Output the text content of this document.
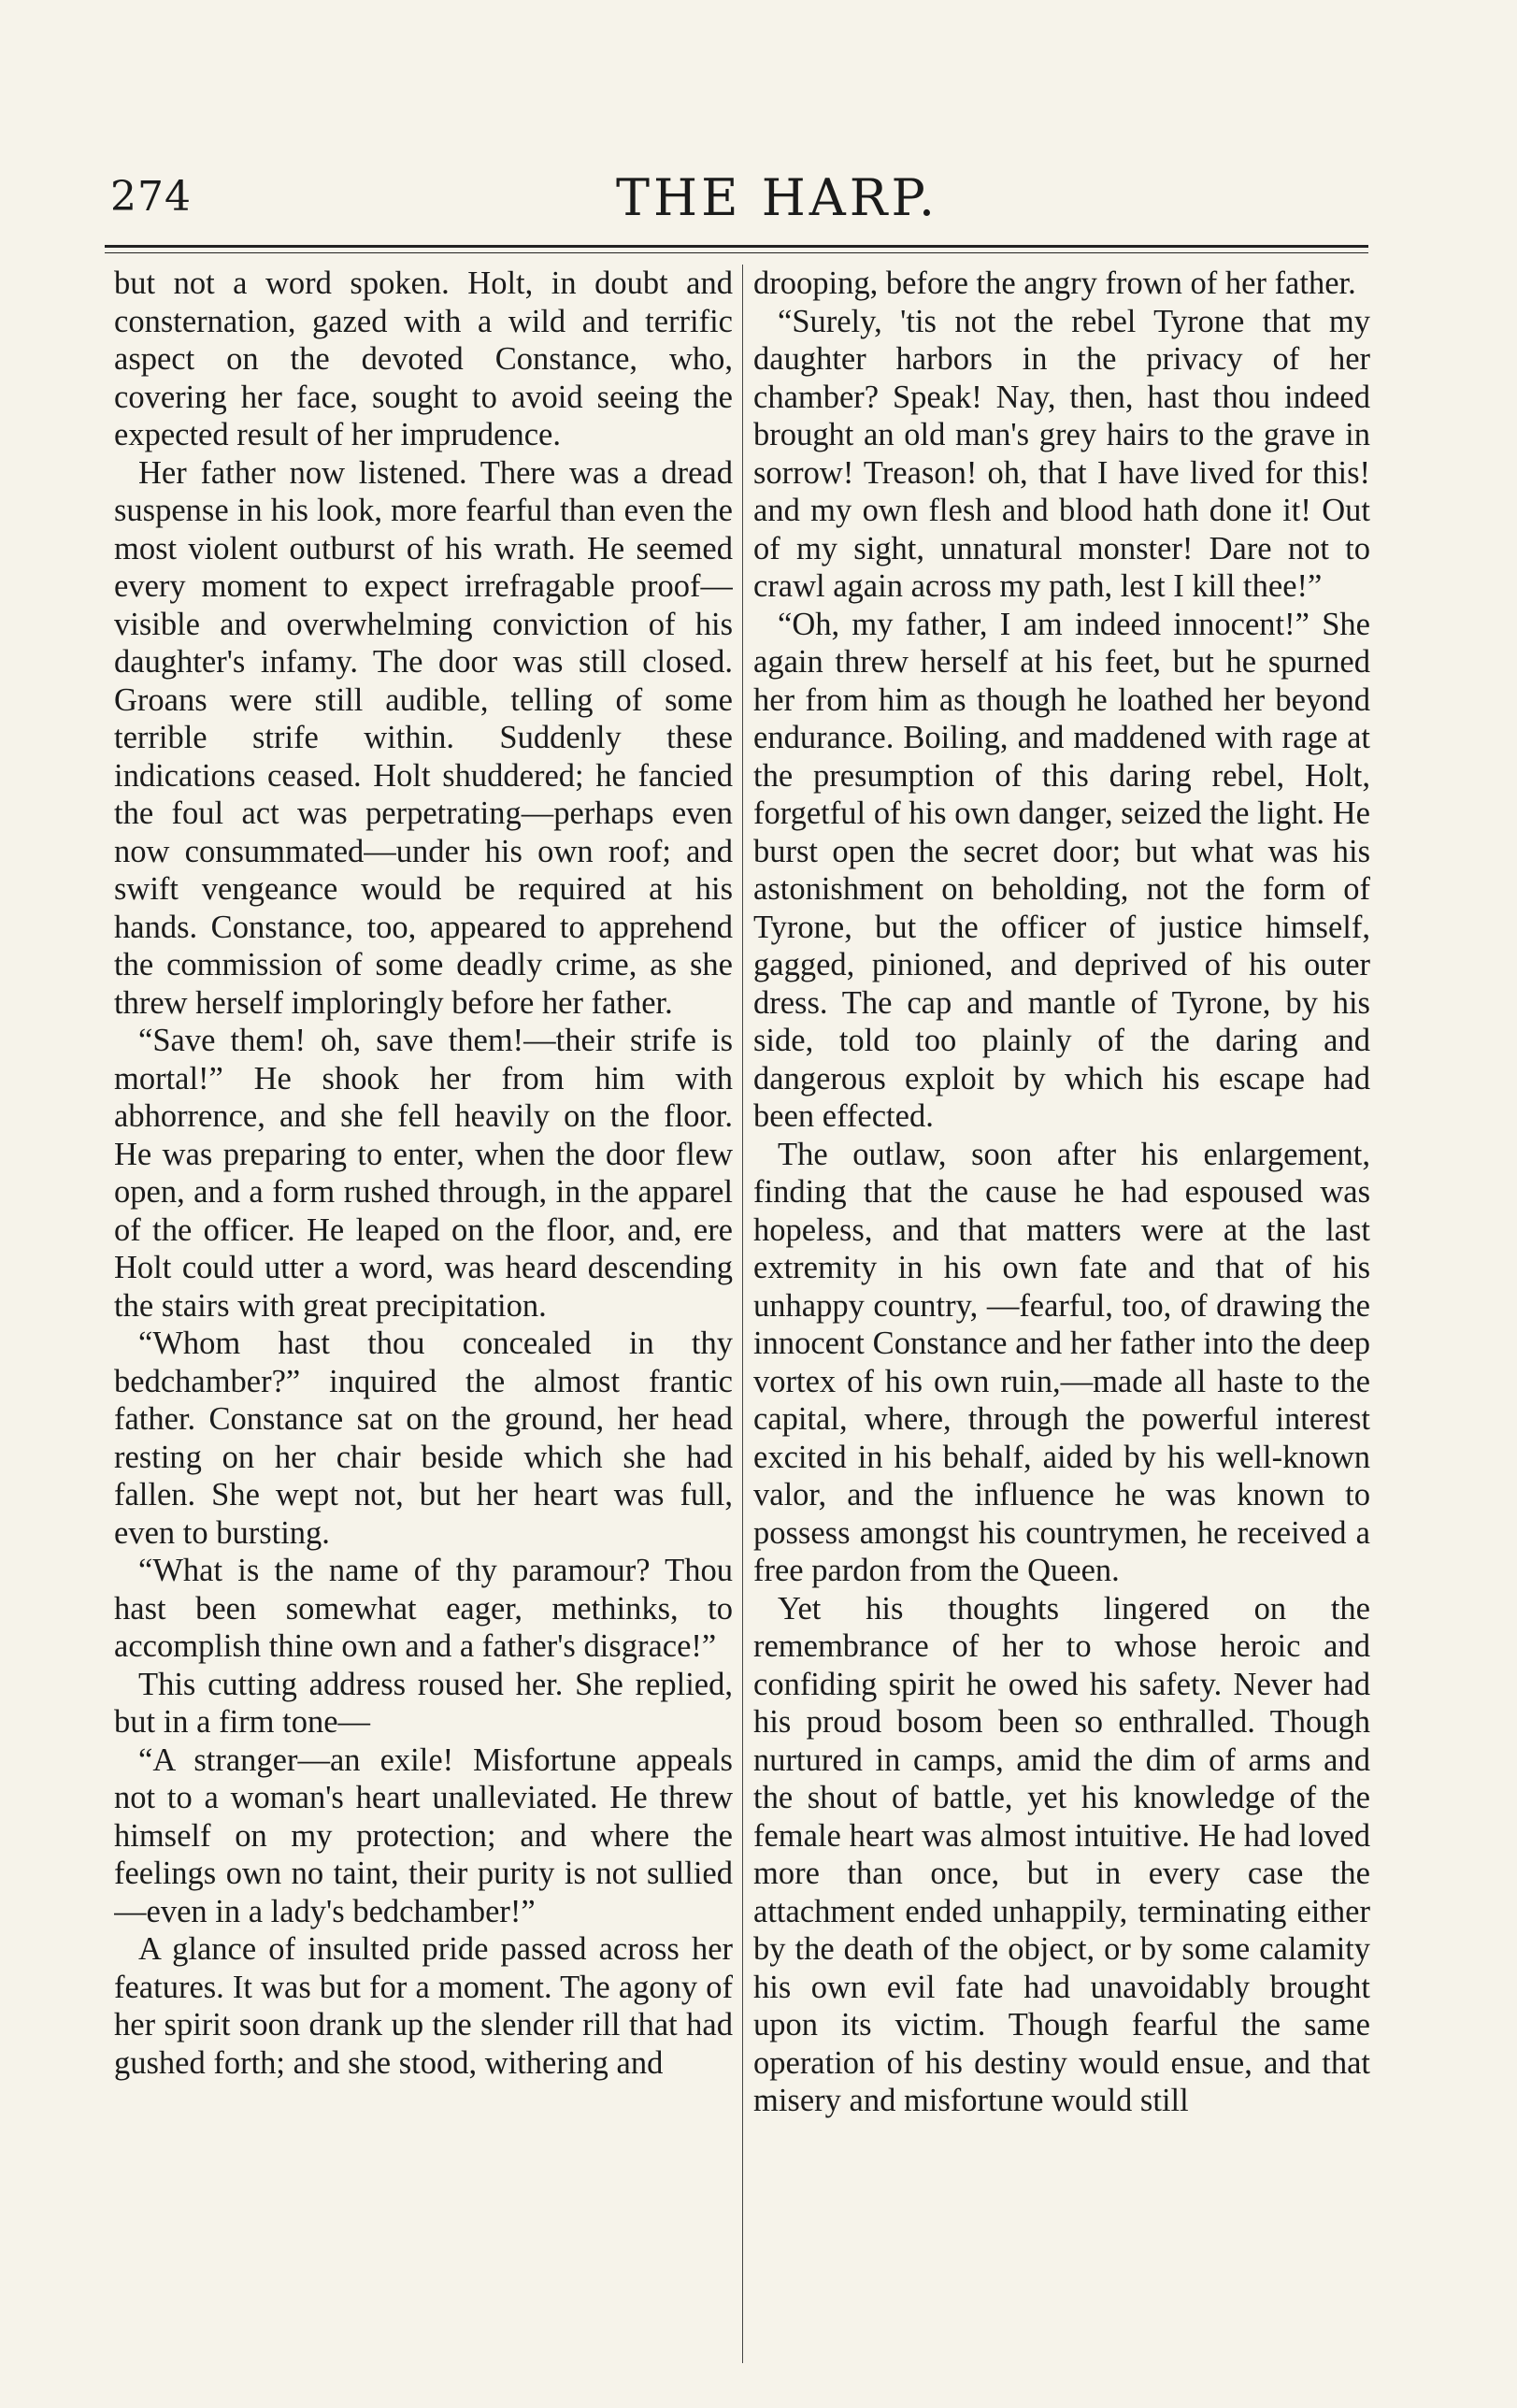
274	THE HARP.

but not a word spoken. Holt, in doubt and consternation, gazed with a wild and terrific aspect on the devoted Constance, who, covering her face, sought to avoid seeing the expected result of her imprudence.

Her father now listened. There was a dread suspense in his look, more fearful than even the most violent outburst of his wrath. He seemed every moment to expect irrefragable proof—visible and overwhelming conviction of his daughter's infamy. The door was still closed. Groans were still audible, telling of some terrible strife within. Suddenly these indications ceased. Holt shuddered; he fancied the foul act was perpetrating—perhaps even now consummated—under his own roof; and swift vengeance would be required at his hands. Constance, too, appeared to apprehend the commission of some deadly crime, as she threw herself imploringly before her father.

“Save them! oh, save them!—their strife is mortal!” He shook her from him with abhorrence, and she fell heavily on the floor. He was preparing to enter, when the door flew open, and a form rushed through, in the apparel of the officer. He leaped on the floor, and, ere Holt could utter a word, was heard descending the stairs with great precipitation.

“Whom hast thou concealed in thy bedchamber?” inquired the almost frantic father. Constance sat on the ground, her head resting on her chair beside which she had fallen. She wept not, but her heart was full, even to bursting.

“What is the name of thy paramour? Thou hast been somewhat eager, methinks, to accomplish thine own and a father's disgrace!”

This cutting address roused her. She replied, but in a firm tone—

“A stranger—an exile! Misfortune appeals not to a woman's heart unalleviated. He threw himself on my protection; and where the feelings own no taint, their purity is not sullied—even in a lady's bedchamber!”

A glance of insulted pride passed across her features. It was but for a moment. The agony of her spirit soon drank up the slender rill that had gushed forth; and she stood, withering and

drooping, before the angry frown of her father.

“Surely, 'tis not the rebel Tyrone that my daughter harbors in the privacy of her chamber? Speak! Nay, then, hast thou indeed brought an old man's grey hairs to the grave in sorrow! Treason! oh, that I have lived for this! and my own flesh and blood hath done it! Out of my sight, unnatural monster! Dare not to crawl again across my path, lest I kill thee!”

“Oh, my father, I am indeed innocent!” She again threw herself at his feet, but he spurned her from him as though he loathed her beyond endurance. Boiling, and maddened with rage at the presumption of this daring rebel, Holt, forgetful of his own danger, seized the light. He burst open the secret door; but what was his astonishment on beholding, not the form of Tyrone, but the officer of justice himself, gagged, pinioned, and deprived of his outer dress. The cap and mantle of Tyrone, by his side, told too plainly of the daring and dangerous exploit by which his escape had been effected.

The outlaw, soon after his enlargement, finding that the cause he had espoused was hopeless, and that matters were at the last extremity in his own fate and that of his unhappy country, —fearful, too, of drawing the innocent Constance and her father into the deep vortex of his own ruin,—made all haste to the capital, where, through the powerful interest excited in his behalf, aided by his well-known valor, and the influence he was known to possess amongst his countrymen, he received a free pardon from the Queen.

Yet his thoughts lingered on the remembrance of her to whose heroic and confiding spirit he owed his safety. Never had his proud bosom been so enthralled. Though nurtured in camps, amid the dim of arms and the shout of battle, yet his knowledge of the female heart was almost intuitive. He had loved more than once, but in every case the attachment ended unhappily, terminating either by the death of the object, or by some calamity his own evil fate had unavoidably brought upon its victim. Though fearful the same operation of his destiny would ensue, and that misery and misfortune would still
